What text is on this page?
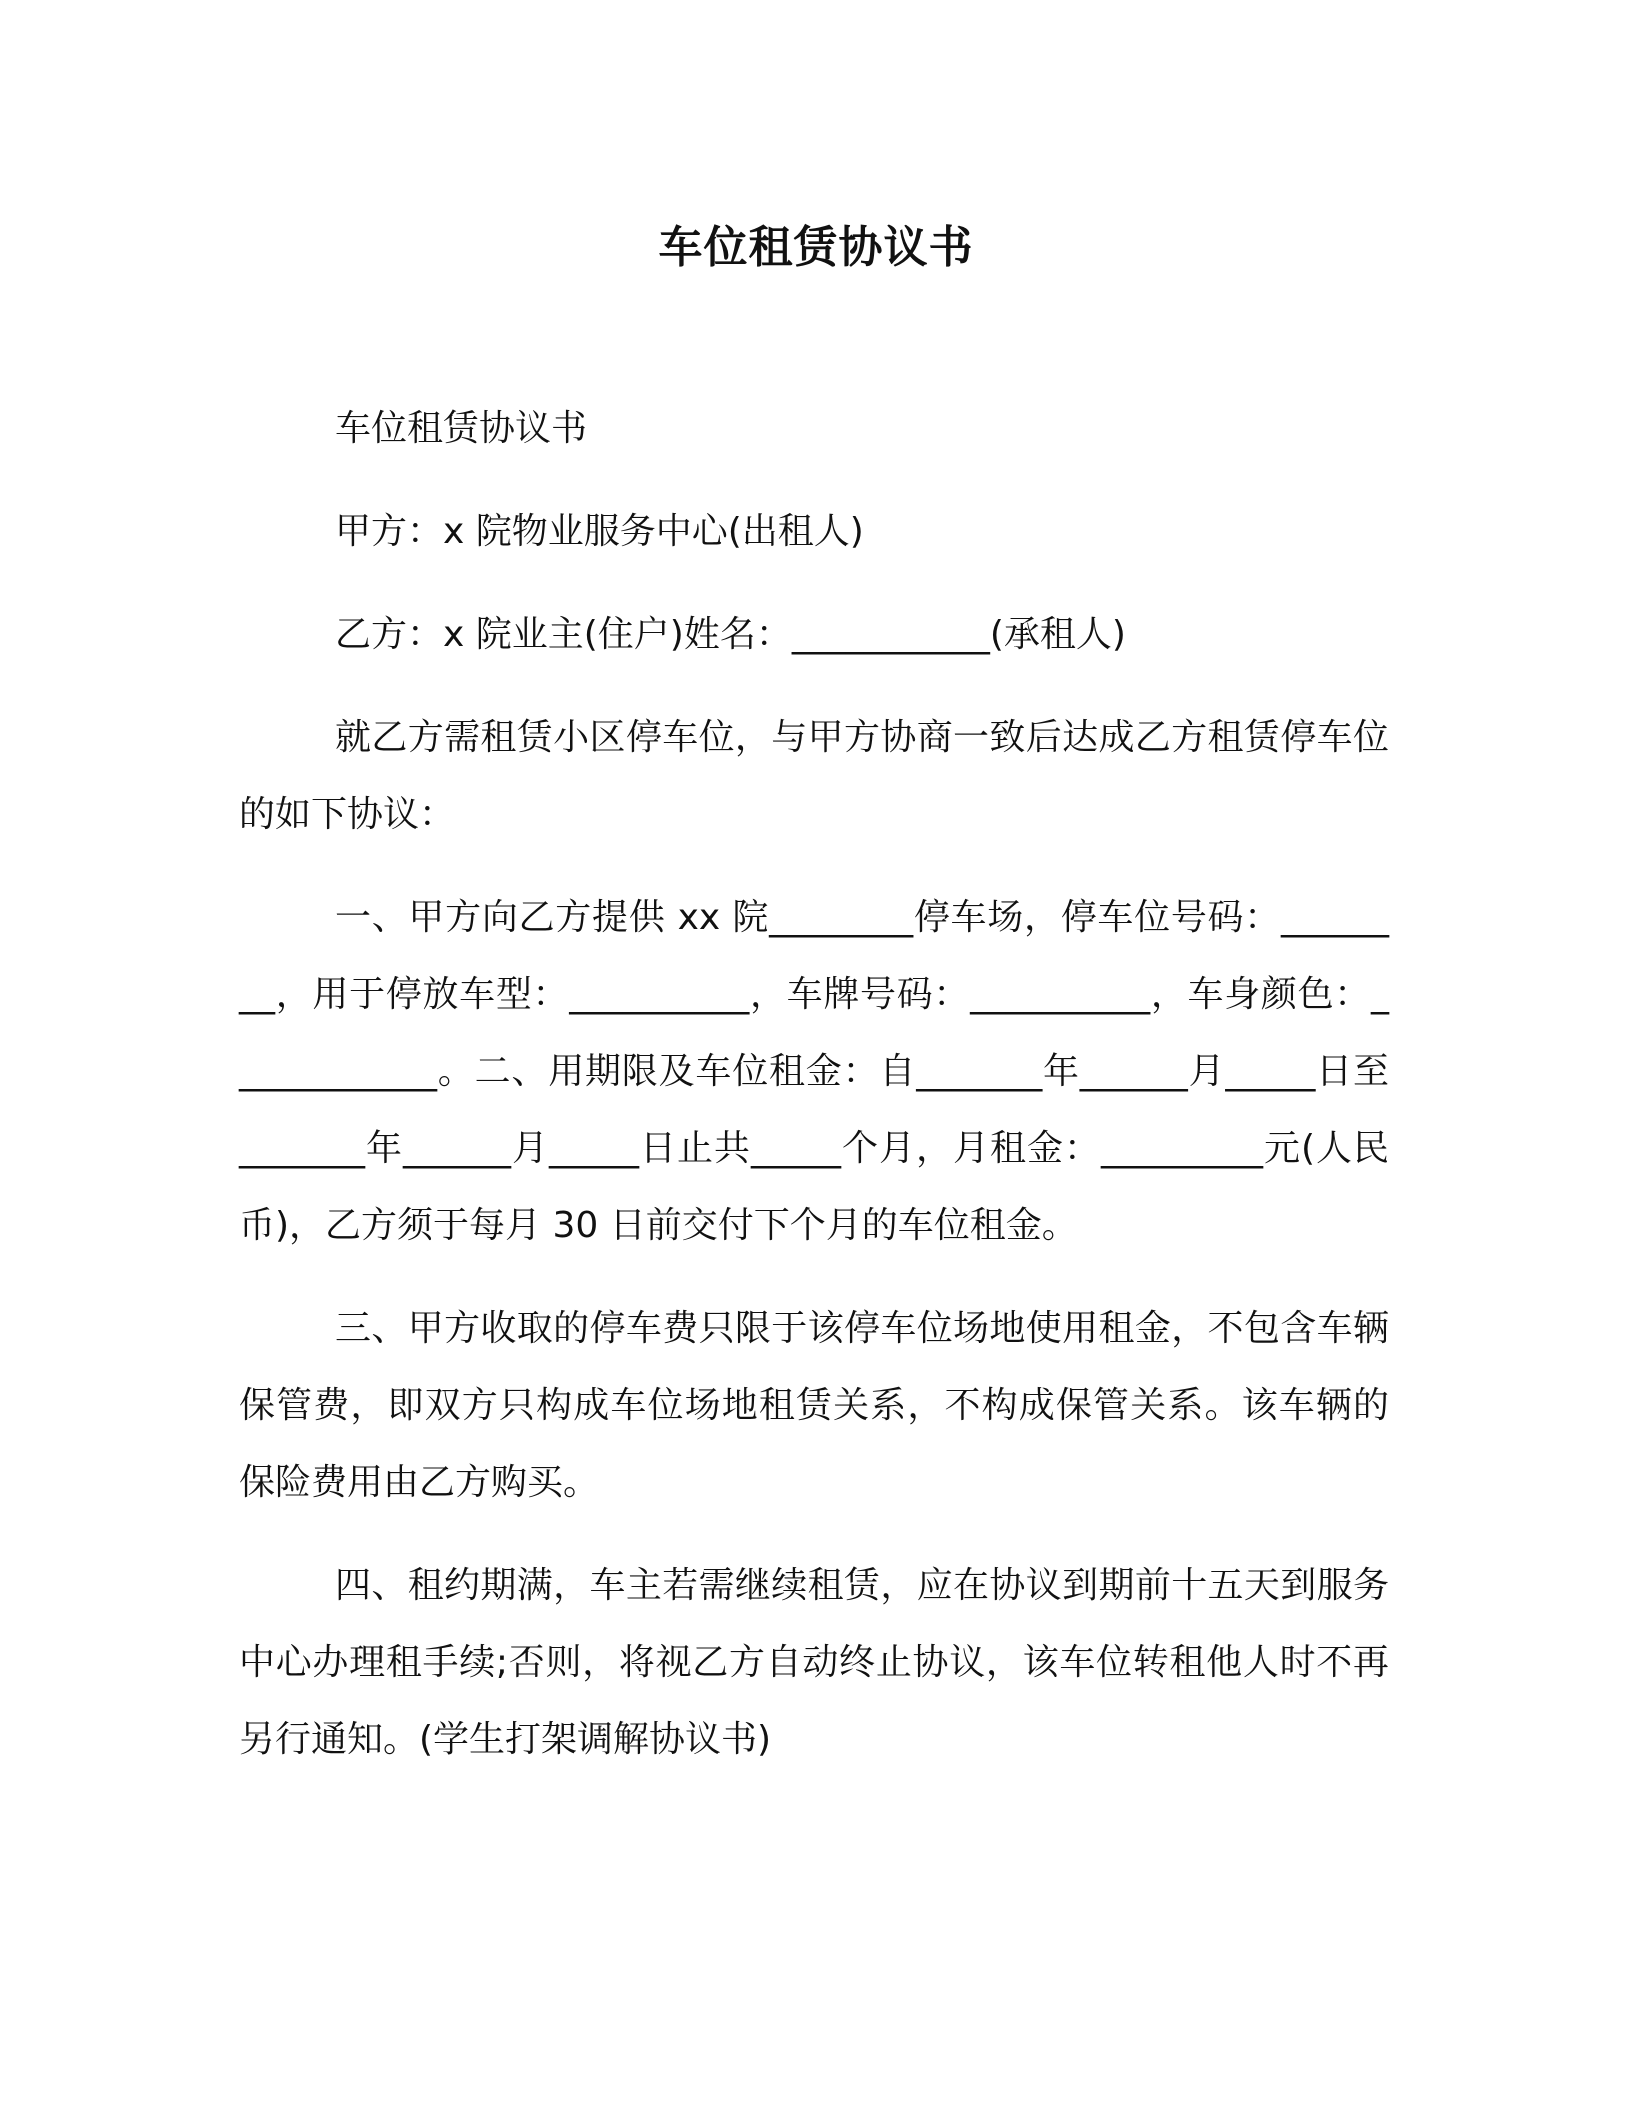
车位租赁协议书

车位租赁协议书

甲方：x 院物业服务中心(出租人)

乙方：x 院业主(住户)姓名：___________(承租人)

就乙方需租赁小区停车位，与甲方协商一致后达成乙方租赁停车位的如下协议：

一、甲方向乙方提供 xx 院________停车场，停车位号码：________，用于停放车型：__________，车牌号码：__________，车身颜色：____________。二、用期限及车位租金：自_______年______月_____日至_______年______月_____日止共_____个月，月租金：_________元(人民币)，乙方须于每月 30 日前交付下个月的车位租金。

三、甲方收取的停车费只限于该停车位场地使用租金，不包含车辆保管费，即双方只构成车位场地租赁关系，不构成保管关系。该车辆的保险费用由乙方购买。

四、租约期满，车主若需继续租赁，应在协议到期前十五天到服务中心办理租手续;否则，将视乙方自动终止协议，该车位转租他人时不再另行通知。(学生打架调解协议书)
